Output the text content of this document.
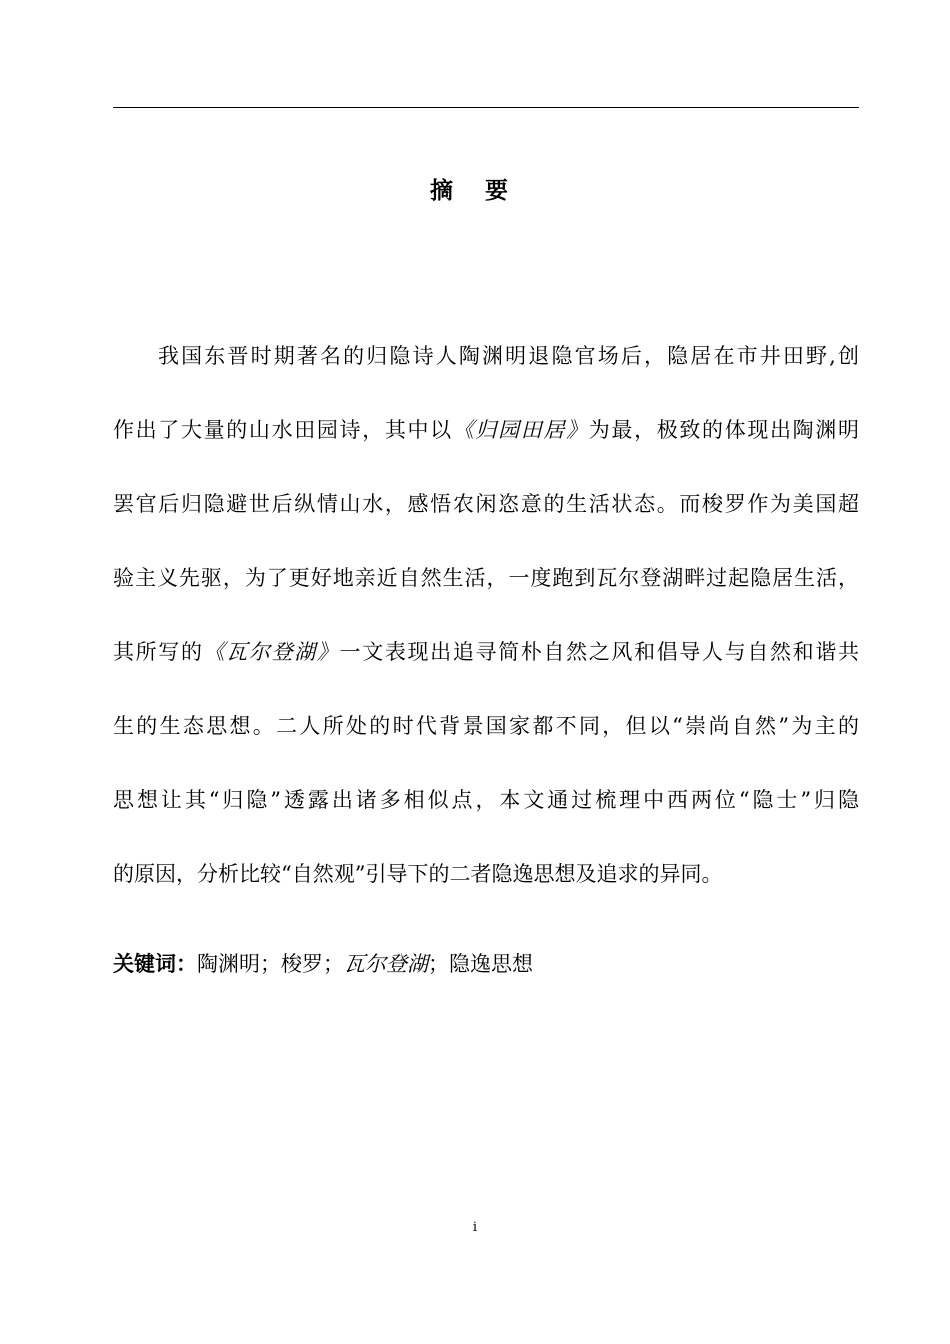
摘 要
我国东晋时期著名的归隐诗人陶渊明退隐官场后，隐居在市井田野,创
作出了大量的山水田园诗，其中以《归园田居》为最，极致的体现出陶渊明
罢官后归隐避世后纵情山水，感悟农闲恣意的生活状态。而梭罗作为美国超
验主义先驱，为了更好地亲近自然生活，一度跑到瓦尔登湖畔过起隐居生活，
其所写的《瓦尔登湖》一文表现出追寻简朴自然之风和倡导人与自然和谐共
生的生态思想。二人所处的时代背景国家都不同，但以“崇尚自然”为主的
思想让其“归隐”透露出诸多相似点，本文通过梳理中西两位“隐士”归隐
的原因，分析比较“自然观”引导下的二者隐逸思想及追求的异同。
关键词：陶渊明；梭罗；瓦尔登湖；隐逸思想
i
